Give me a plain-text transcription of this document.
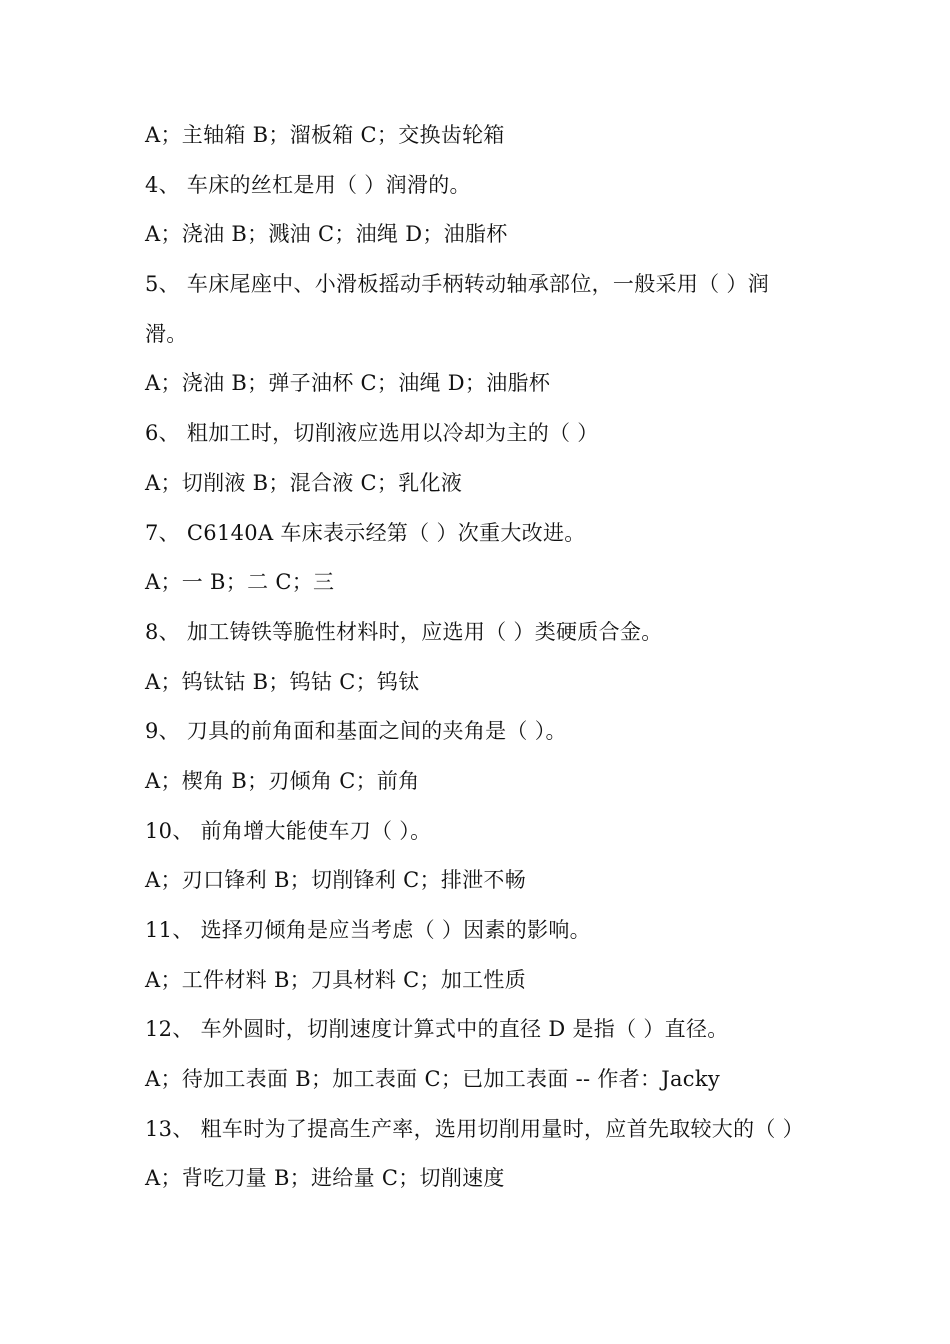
A；主轴箱 B；溜板箱 C；交换齿轮箱
4、 车床的丝杠是用（ ）润滑的。
A；浇油 B；溅油 C；油绳 D；油脂杯
5、 车床尾座中、小滑板摇动手柄转动轴承部位，一般采用（ ）润
滑。
A；浇油 B；弹子油杯 C；油绳 D；油脂杯
6、 粗加工时，切削液应选用以冷却为主的（ ）
A；切削液 B；混合液 C；乳化液
7、 C6140A 车床表示经第（ ）次重大改进。
A；一 B；二 C；三
8、 加工铸铁等脆性材料时，应选用（ ）类硬质合金。
A；钨钛钴 B；钨钴 C；钨钛
9、 刀具的前角面和基面之间的夹角是（ ）。
A；楔角 B；刃倾角 C；前角
10、 前角增大能使车刀（ ）。
A；刃口锋利 B；切削锋利 C；排泄不畅
11、 选择刃倾角是应当考虑（ ）因素的影响。
A；工件材料 B；刀具材料 C；加工性质
12、 车外圆时，切削速度计算式中的直径 D 是指（ ）直径。
A；待加工表面 B；加工表面 C；已加工表面 -- 作者：Jacky
13、 粗车时为了提高生产率，选用切削用量时，应首先取较大的（ ）
A；背吃刀量 B；进给量 C；切削速度
